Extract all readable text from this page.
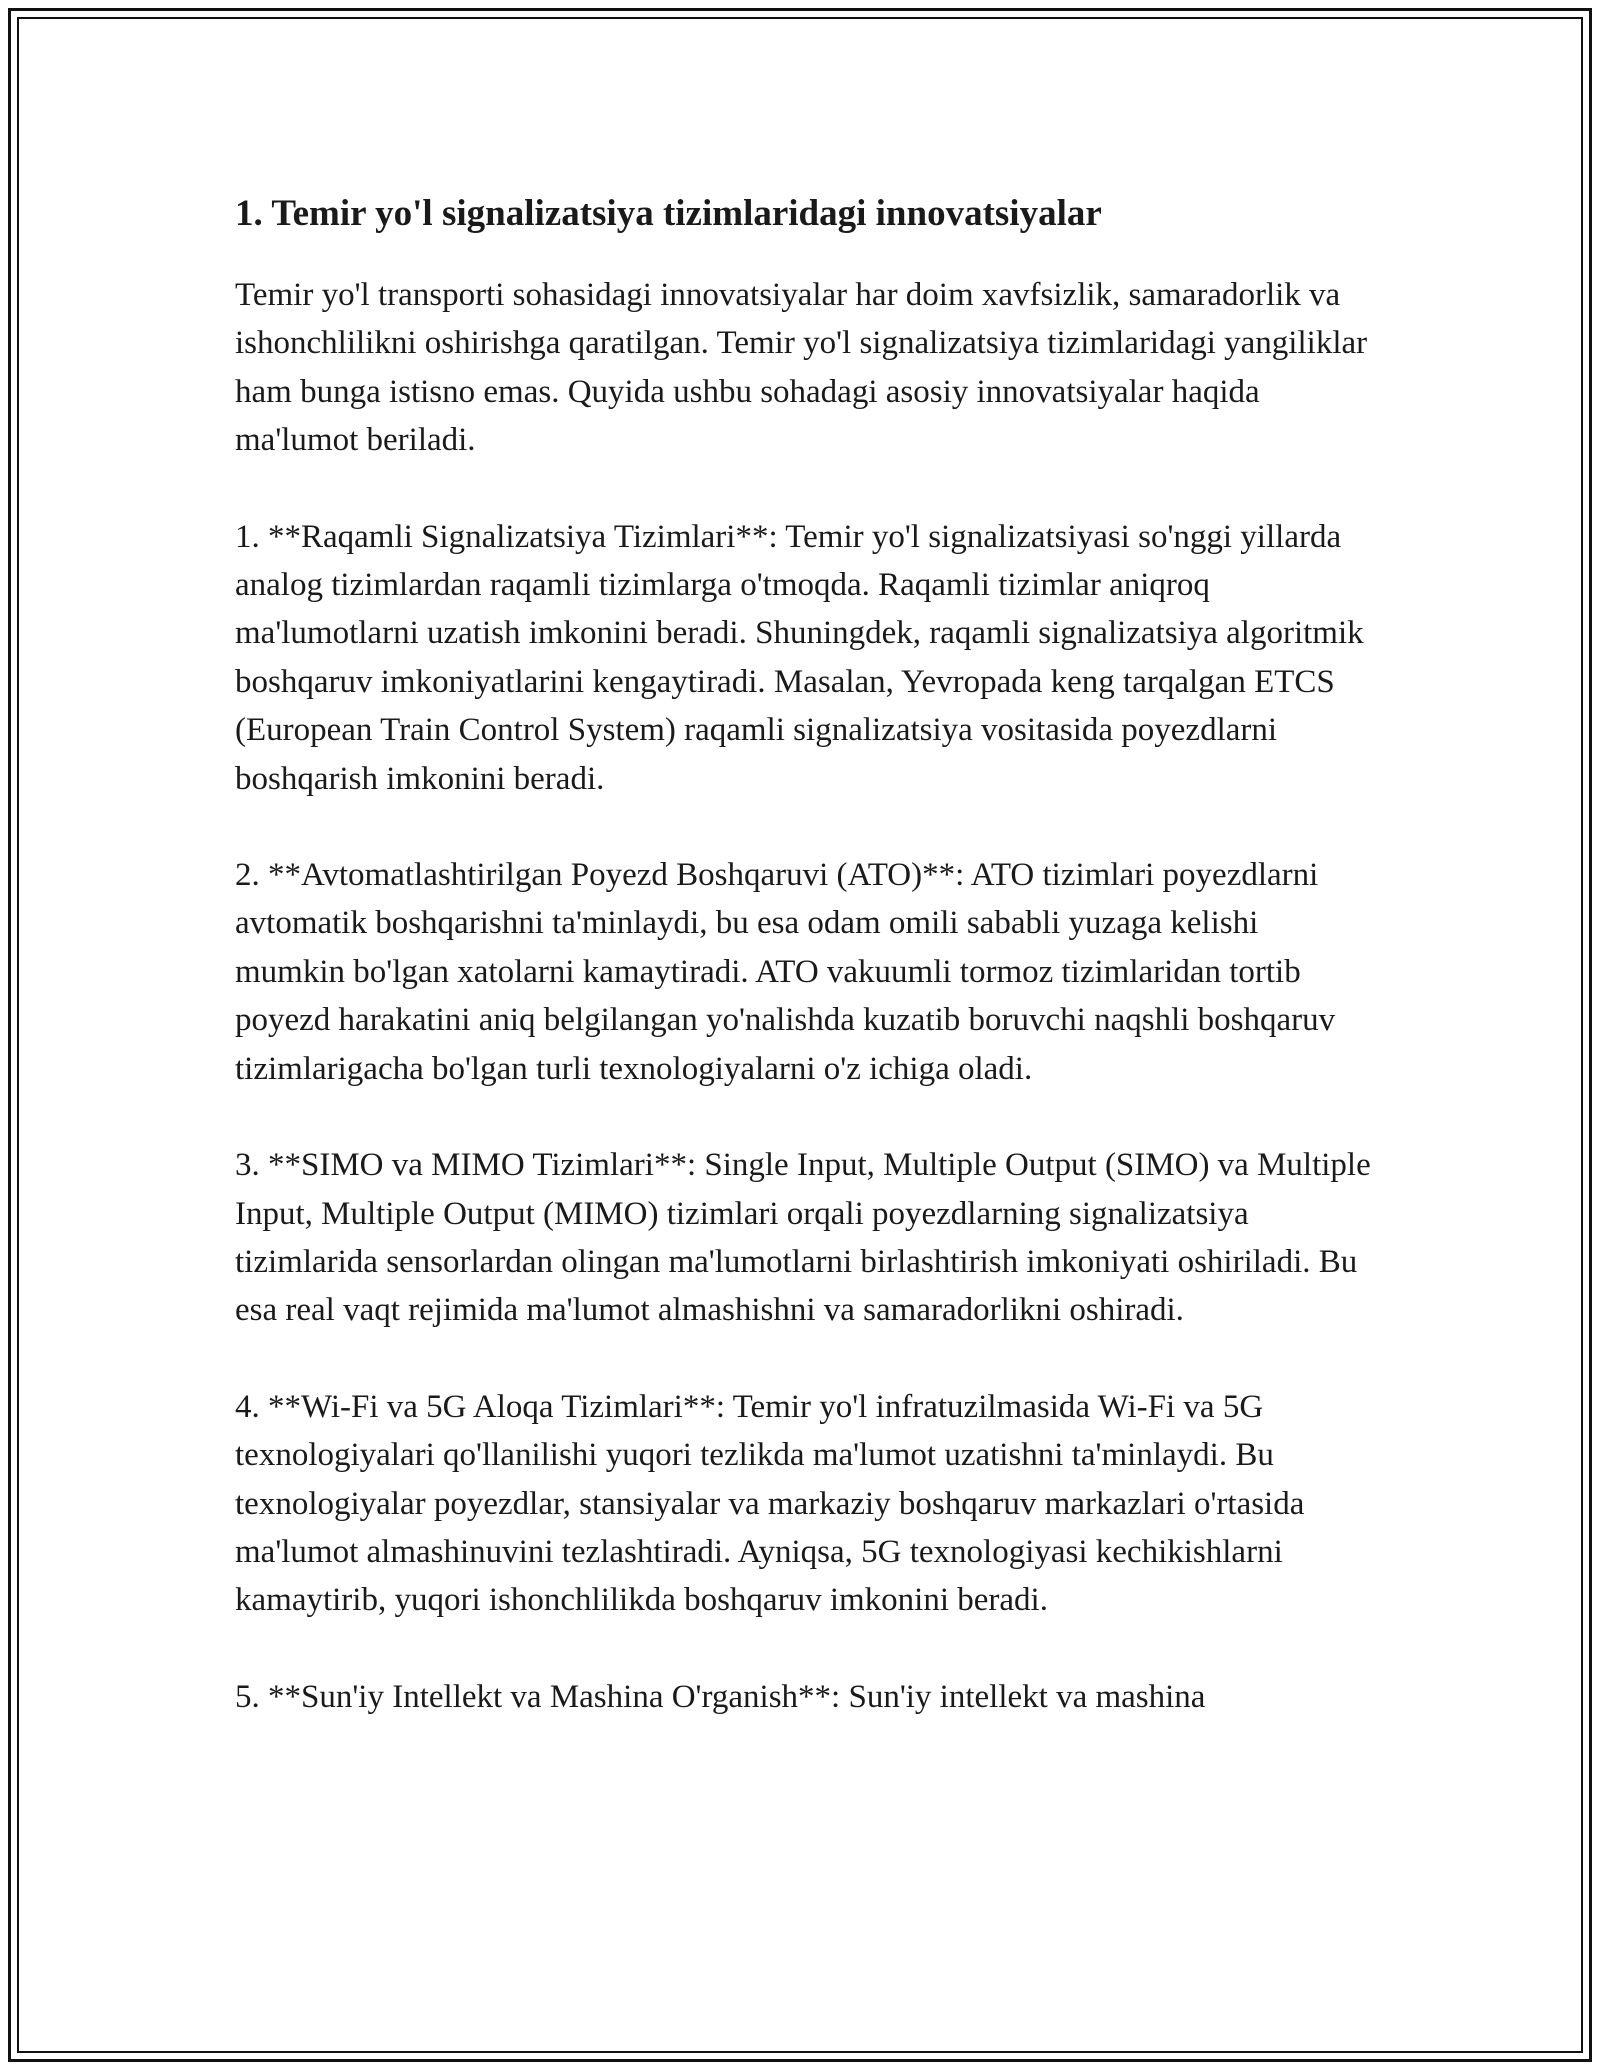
1. Temir yo'l signalizatsiya tizimlaridagi innovatsiyalar

Temir yo'l transporti sohasidagi innovatsiyalar har doim xavfsizlik, samaradorlik va ishonchlilikni oshirishga qaratilgan. Temir yo'l signalizatsiya tizimlaridagi yangiliklar ham bunga istisno emas. Quyida ushbu sohadagi asosiy innovatsiyalar haqida ma'lumot beriladi.

1. **Raqamli Signalizatsiya Tizimlari**: Temir yo'l signalizatsiyasi so'nggi yillarda analog tizimlardan raqamli tizimlarga o'tmoqda. Raqamli tizimlar aniqroq ma'lumotlarni uzatish imkonini beradi. Shuningdek, raqamli signalizatsiya algoritmik boshqaruv imkoniyatlarini kengaytiradi. Masalan, Yevropada keng tarqalgan ETCS (European Train Control System) raqamli signalizatsiya vositasida poyezdlarni boshqarish imkonini beradi.

2. **Avtomatlashtirilgan Poyezd Boshqaruvi (ATO)**: ATO tizimlari poyezdlarni avtomatik boshqarishni ta'minlaydi, bu esa odam omili sababli yuzaga kelishi mumkin bo'lgan xatolarni kamaytiradi. ATO vakuumli tormoz tizimlaridan tortib poyezd harakatini aniq belgilangan yo'nalishda kuzatib boruvchi naqshli boshqaruv tizimlarigacha bo'lgan turli texnologiyalarni o'z ichiga oladi.

3. **SIMO va MIMO Tizimlari**: Single Input, Multiple Output (SIMO) va Multiple Input, Multiple Output (MIMO) tizimlari orqali poyezdlarning signalizatsiya tizimlarida sensorlardan olingan ma'lumotlarni birlashtirish imkoniyati oshiriladi. Bu esa real vaqt rejimida ma'lumot almashishni va samaradorlikni oshiradi.

4. **Wi-Fi va 5G Aloqa Tizimlari**: Temir yo'l infratuzilmasida Wi-Fi va 5G texnologiyalari qo'llanilishi yuqori tezlikda ma'lumot uzatishni ta'minlaydi. Bu texnologiyalar poyezdlar, stansiyalar va markaziy boshqaruv markazlari o'rtasida ma'lumot almashinuvini tezlashtiradi. Ayniqsa, 5G texnologiyasi kechikishlarni kamaytirib, yuqori ishonchlilikda boshqaruv imkonini beradi.

5. **Sun'iy Intellekt va Mashina O'rganish**: Sun'iy intellekt va mashina
